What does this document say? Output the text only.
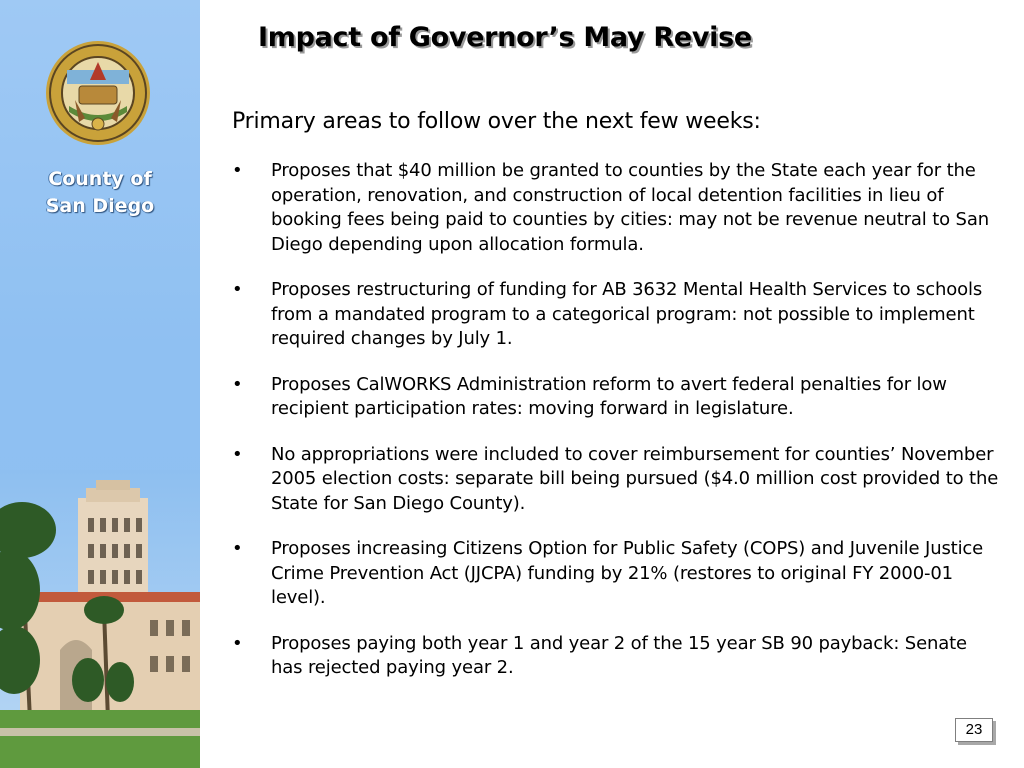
County of
San Diego
Impact of Governor’s May Revise

Primary areas to follow over the next few weeks:

• Proposes that $40 million be granted to counties by the State each year for the operation, renovation, and construction of local detention facilities in lieu of booking fees being paid to counties by cities: may not be revenue neutral to San Diego depending upon allocation formula.
• Proposes restructuring of funding for AB 3632 Mental Health Services to schools from a mandated program to a categorical program: not possible to implement required changes by July 1.
• Proposes CalWORKS Administration reform to avert federal penalties for low recipient participation rates: moving forward in legislature.
• No appropriations were included to cover reimbursement for counties’ November 2005 election costs: separate bill being pursued ($4.0 million cost provided to the State for San Diego County).
• Proposes increasing Citizens Option for Public Safety (COPS) and Juvenile Justice Crime Prevention Act (JJCPA) funding by 21% (restores to original FY 2000-01 level).
• Proposes paying both year 1 and year 2 of the 15 year SB 90 payback: Senate has rejected paying year 2.
23
